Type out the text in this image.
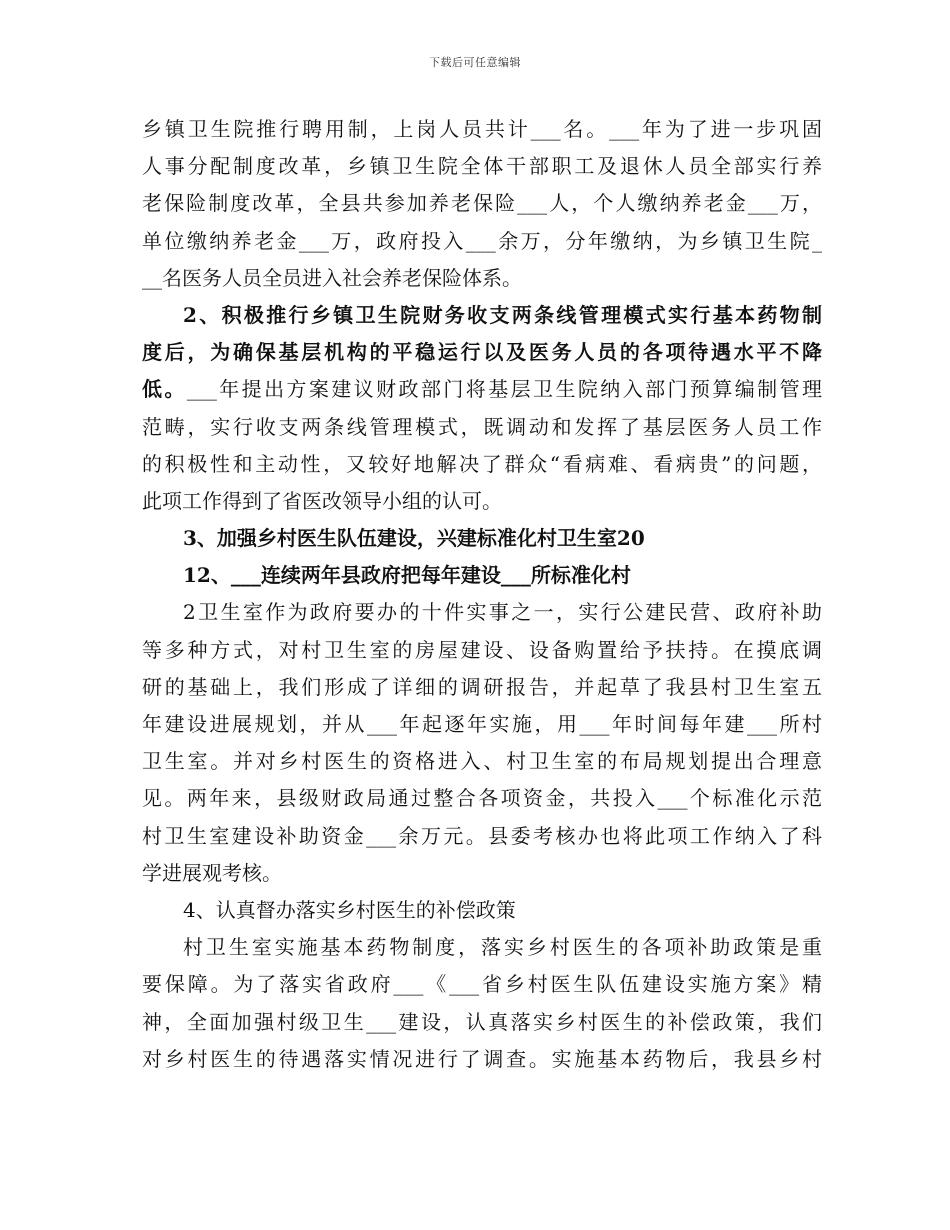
下载后可任意编辑
乡镇卫生院推行聘用制，上岗人员共计___名。___年为了进一步巩固
人事分配制度改革，乡镇卫生院全体干部职工及退休人员全部实行养
老保险制度改革，全县共参加养老保险___人，个人缴纳养老金___万，
单位缴纳养老金___万，政府投入___余万，分年缴纳，为乡镇卫生院_
__名医务人员全员进入社会养老保险体系。
2、积极推行乡镇卫生院财务收支两条线管理模式实行基本药物制
度后，为确保基层机构的平稳运行以及医务人员的各项待遇水平不降
低。___年提出方案建议财政部门将基层卫生院纳入部门预算编制管理
范畴，实行收支两条线管理模式，既调动和发挥了基层医务人员工作
的积极性和主动性，又较好地解决了群众“看病难、看病贵”的问题，
此项工作得到了省医改领导小组的认可。
3、加强乡村医生队伍建设，兴建标准化村卫生室20
12、___连续两年县政府把每年建设___所标准化村
2卫生室作为政府要办的十件实事之一，实行公建民营、政府补助
等多种方式，对村卫生室的房屋建设、设备购置给予扶持。在摸底调
研的基础上，我们形成了详细的调研报告，并起草了我县村卫生室五
年建设进展规划，并从___年起逐年实施，用___年时间每年建___所村
卫生室。并对乡村医生的资格进入、村卫生室的布局规划提出合理意
见。两年来，县级财政局通过整合各项资金，共投入___个标准化示范
村卫生室建设补助资金___余万元。县委考核办也将此项工作纳入了科
学进展观考核。
4、认真督办落实乡村医生的补偿政策
村卫生室实施基本药物制度，落实乡村医生的各项补助政策是重
要保障。为了落实省政府___《___省乡村医生队伍建设实施方案》精
神，全面加强村级卫生___建设，认真落实乡村医生的补偿政策，我们
对乡村医生的待遇落实情况进行了调查。实施基本药物后，我县乡村
